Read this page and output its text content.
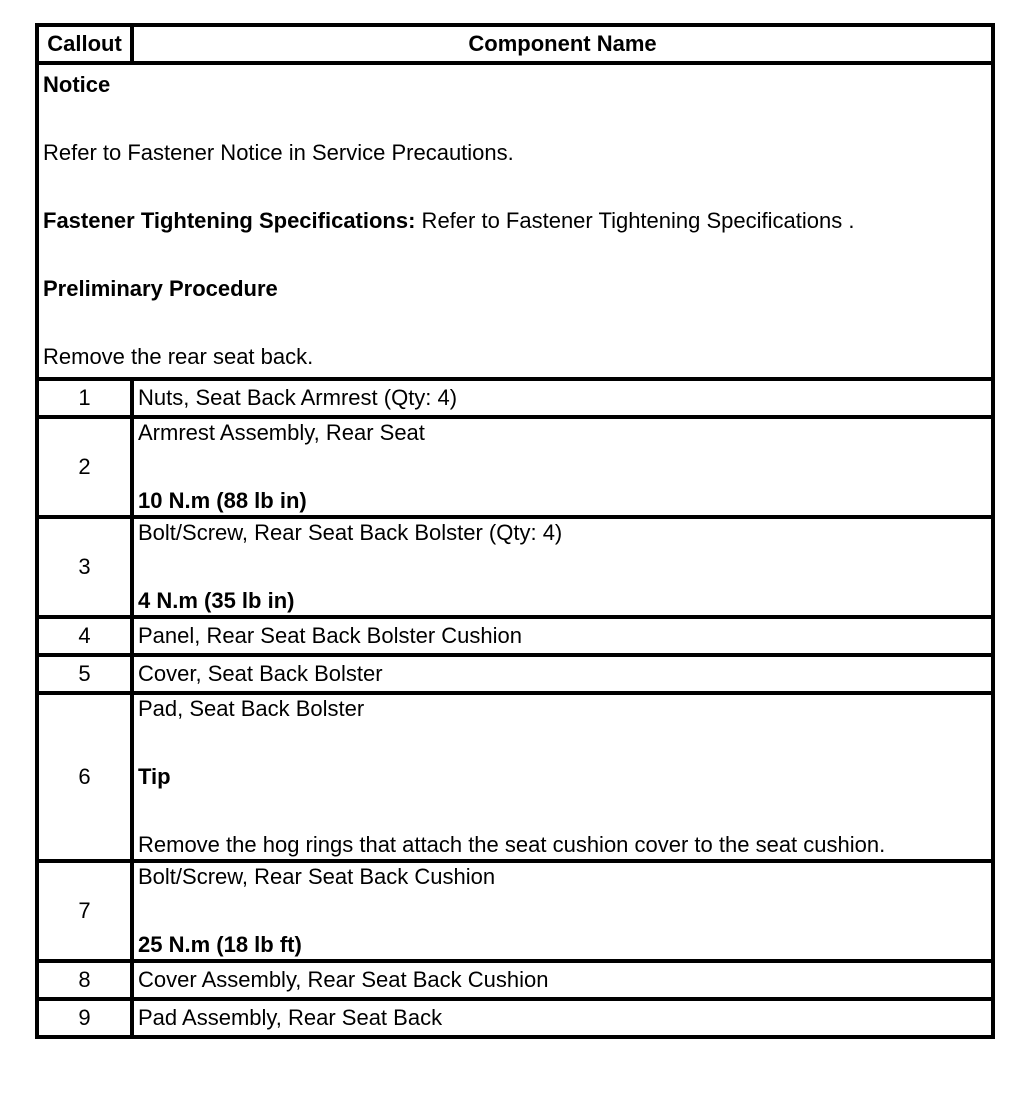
Callout	Component Name

Notice
Refer to Fastener Notice in Service Precautions.
Fastener Tightening Specifications: Refer to Fastener Tightening Specifications .
Preliminary Procedure
Remove the rear seat back.	

1	Nuts, Seat Back Armrest (Qty: 4)
2	Armrest Assembly, Rear Seat
10 N.m (88 lb in)

3	Bolt/Screw, Rear Seat Back Bolster (Qty: 4)
4 N.m (35 lb in)

4	Panel, Rear Seat Back Bolster Cushion
5	Cover, Seat Back Bolster
6	Pad, Seat Back Bolster
Tip
Remove the hog rings that attach the seat cushion cover to the seat cushion.

7	Bolt/Screw, Rear Seat Back Cushion
25 N.m (18 lb ft)

8	Cover Assembly, Rear Seat Back Cushion
9	Pad Assembly, Rear Seat Back
